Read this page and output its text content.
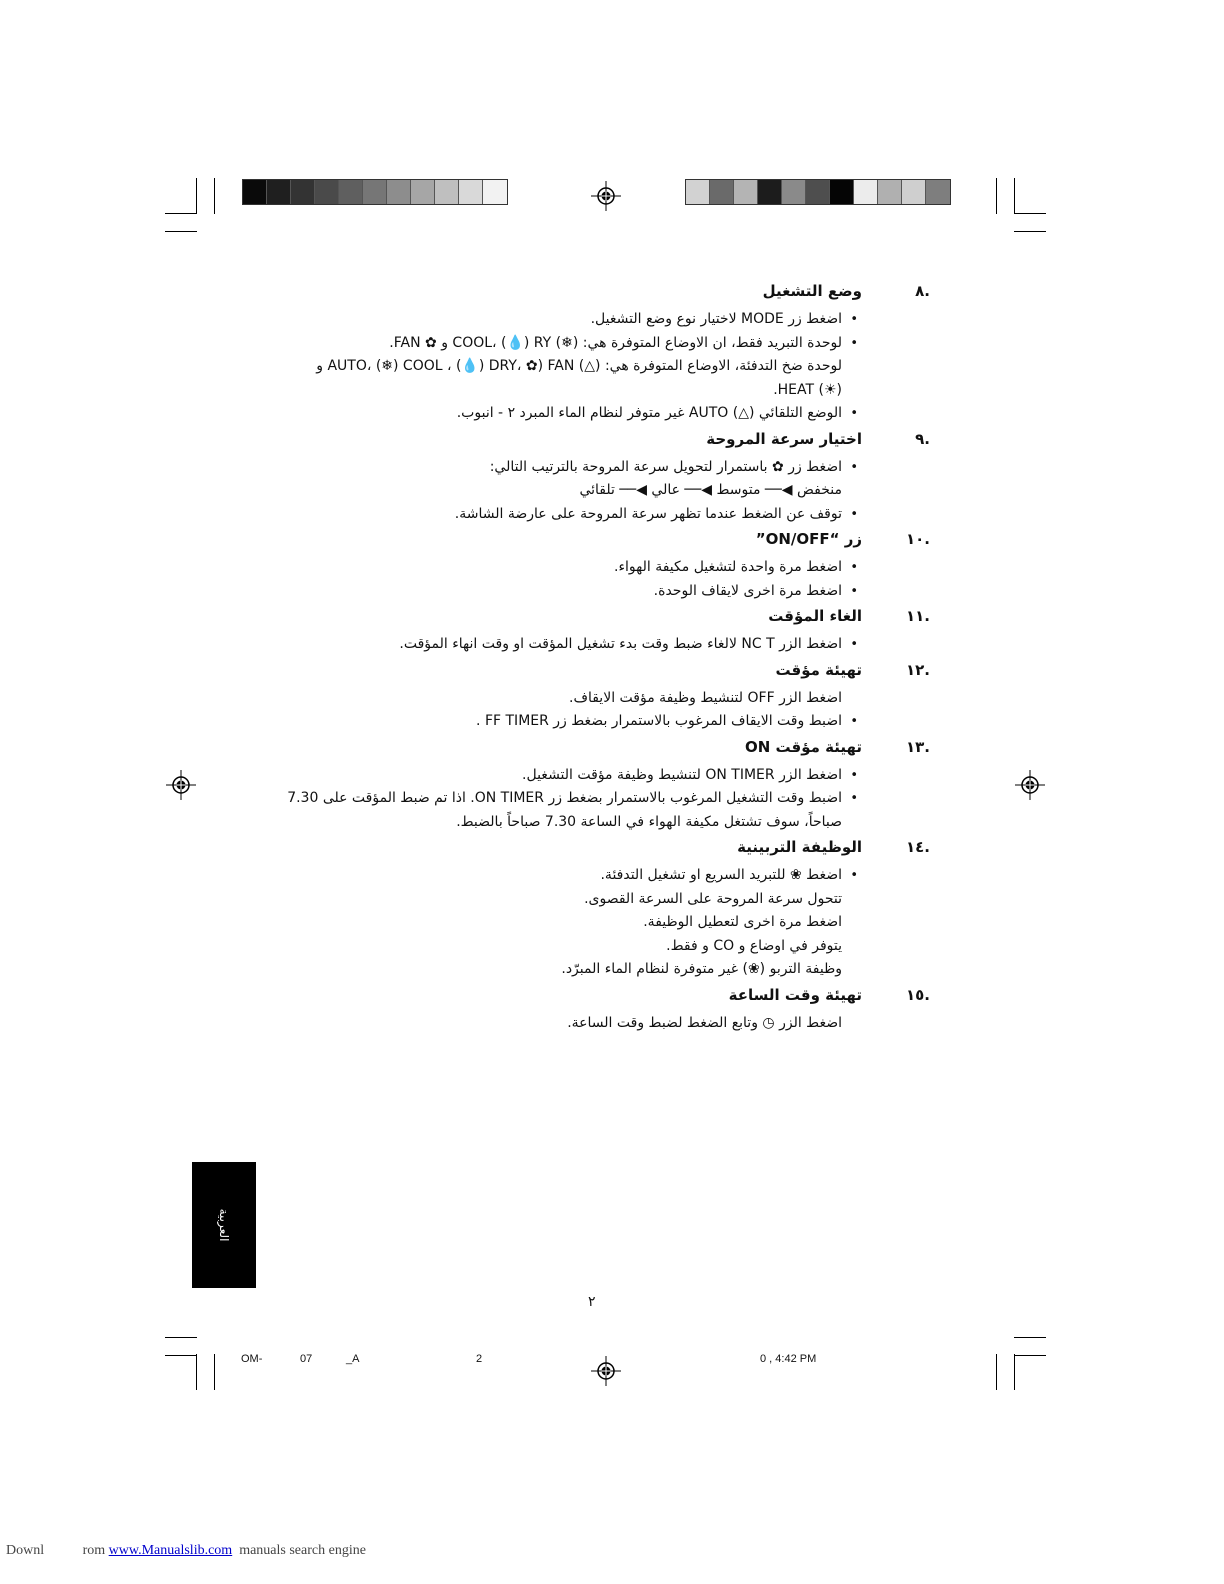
.٨
وضع التشغيل
• اضغط زر MODE لاختيار نوع وضع التشغيل.
• لوحدة التبريد فقط، ان الاوضاع المتوفرة هي: (❄) COOL، (💧) RY و ✿ FAN.
لوحدة ضخ التدفئة، الاوضاع المتوفرة هي: (△) AUTO، (❄) COOL ، (💧) DRY، ✿) FAN و
(☀) HEAT.
• الوضع التلقائي (△) AUTO غير متوفر لنظام الماء المبرد ٢ - انبوب.
.٩
اختيار سرعة المروحة
• اضغط زر ✿ باستمرار لتحويل سرعة المروحة بالترتيب التالي:
منخفض ◀── متوسط ◀── عالي ◀── تلقائي
• توقف عن الضغط عندما تظهر سرعة المروحة على عارضة الشاشة.
.١٠
زر “ON/OFF”
• اضغط مرة واحدة لتشغيل مكيفة الهواء.
• اضغط مرة اخرى لايقاف الوحدة.
.١١
الغاء المؤقت
• اضغط الزر NC T لالغاء ضبط وقت بدء تشغيل المؤقت او وقت انهاء المؤقت.
.١٢
تهيئة مؤقت
اضغط الزر OFF لتنشيط وظيفة مؤقت الايقاف.
• اضبط وقت الايقاف المرغوب بالاستمرار بضغط زر FF TIMER .
.١٣
تهيئة مؤقت ON
• اضغط الزر ON TIMER لتنشيط وظيفة مؤقت التشغيل.
• اضبط وقت التشغيل المرغوب بالاستمرار بضغط زر ON TIMER. اذا تم ضبط المؤقت على 7.30
صباحاً، سوف تشتغل مكيفة الهواء في الساعة 7.30 صباحاً بالضبط.
.١٤
الوظيفة التربينية
• اضغط ❀ للتبريد السريع او تشغيل التدفئة.
تتحول سرعة المروحة على السرعة القصوى.
اضغط مرة اخرى لتعطيل الوظيفة.
يتوفر في اوضاع و CO و فقط.
وظيفة التربو (❀) غير متوفرة لنظام الماء المبرّد.
.١٥
تهيئة وقت الساعة
اضغط الزر ◷ وتابع الضغط لضبط وقت الساعة.
العربية
٢
OM-	07	_A	2	0 , 4:42 PM
Downl           rom www.Manualslib.com  manuals search engine
